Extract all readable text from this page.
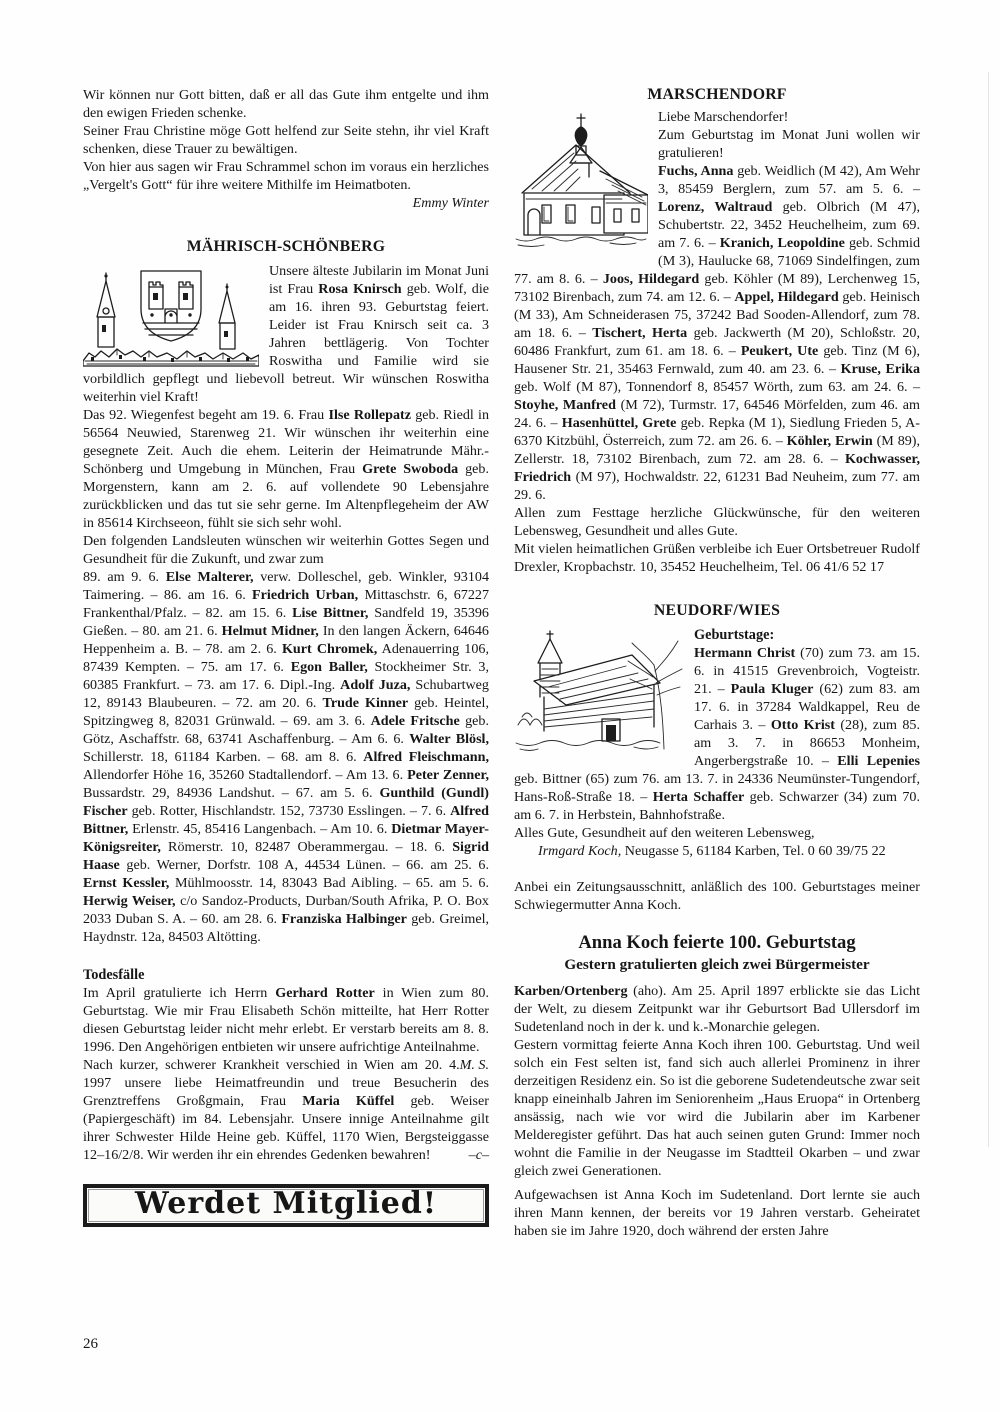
Wir können nur Gott bitten, daß er all das Gute ihm entgelte und ihm den ewigen Frieden schenke.

Seiner Frau Christine möge Gott helfend zur Seite stehn, ihr viel Kraft schenken, diese Trauer zu bewältigen.

Von hier aus sagen wir Frau Schrammel schon im voraus ein herzliches „Vergelt's Gott“ für ihre weitere Mithilfe im Heimatboten.

Emmy Winter

MÄHRISCH-SCHÖNBERG

Unsere älteste Jubilarin im Monat Juni ist Frau Rosa Knirsch geb. Wolf, die am 16. ihren 93. Geburtstag feiert. Leider ist Frau Knirsch seit ca. 3 Jahren bettlägerig. Von Tochter Roswitha und Familie wird sie vorbildlich gepflegt und liebevoll betreut. Wir wünschen Roswitha weiterhin viel Kraft!

Das 92. Wiegenfest begeht am 19. 6. Frau Ilse Rollepatz geb. Riedl in 56564 Neuwied, Starenweg 21. Wir wünschen ihr weiterhin eine gesegnete Zeit. Auch die ehem. Leiterin der Heimatrunde Mähr.-Schönberg und Umgebung in München, Frau Grete Swoboda geb. Morgenstern, kann am 2. 6. auf vollendete 90 Lebensjahre zurückblicken und das tut sie sehr gerne. Im Altenpflegeheim der AW in 85614 Kirchseeon, fühlt sie sich sehr wohl.

Den folgenden Landsleuten wünschen wir weiterhin Gottes Segen und Gesundheit für die Zukunft, und zwar zum

89. am 9. 6. Else Malterer, verw. Dolleschel, geb. Winkler, 93104 Taimering. – 86. am 16. 6. Friedrich Urban, Mittaschstr. 6, 67227 Frankenthal/Pfalz. – 82. am 15. 6. Lise Bittner, Sandfeld 19, 35396 Gießen. – 80. am 21. 6. Helmut Midner, In den langen Äckern, 64646 Heppenheim a. B. – 78. am 2. 6. Kurt Chromek, Adenauerring 106, 87439 Kempten. – 75. am 17. 6. Egon Baller, Stockheimer Str. 3, 60385 Frankfurt. – 73. am 17. 6. Dipl.-Ing. Adolf Juza, Schubartweg 12, 89143 Blaubeuren. – 72. am 20. 6. Trude Kinner geb. Heintel, Spitzingweg 8, 82031 Grünwald. – 69. am 3. 6. Adele Fritsche geb. Götz, Aschaffstr. 68, 63741 Aschaffenburg. – Am 6. 6. Walter Blösl, Schillerstr. 18, 61184 Karben. – 68. am 8. 6. Alfred Fleischmann, Allendorfer Höhe 16, 35260 Stadtallendorf. – Am 13. 6. Peter Zenner, Bussardstr. 29, 84936 Landshut. – 67. am 5. 6. Gunthild (Gundl) Fischer geb. Rotter, Hischlandstr. 152, 73730 Esslingen. – 7. 6. Alfred Bittner, Erlenstr. 45, 85416 Langenbach. – Am 10. 6. Dietmar Mayer-Königsreiter, Römerstr. 10, 82487 Oberammergau. – 18. 6. Sigrid Haase geb. Werner, Dorfstr. 108 A, 44534 Lünen. – 66. am 25. 6. Ernst Kessler, Mühlmoosstr. 14, 83043 Bad Aibling. – 65. am 5. 6. Herwig Weiser, c/o Sandoz-Products, Durban/South Afrika, P. O. Box 2033 Duban S. A. – 60. am 28. 6. Franziska Halbinger geb. Greimel, Haydnstr. 12a, 84503 Altötting.

Todesfälle

Im April gratulierte ich Herrn Gerhard Rotter in Wien zum 80. Geburtstag. Wie mir Frau Elisabeth Schön mitteilte, hat Herr Rotter diesen Geburtstag leider nicht mehr erlebt. Er verstarb bereits am 8. 8. 1996. Den Angehörigen entbieten wir unsere aufrichtige Anteilnahme.
M. S.

Nach kurzer, schwerer Krankheit verschied in Wien am 20. 4. 1997 unsere liebe Heimatfreundin und treue Besucherin des Grenztreffens Großgmain, Frau Maria Küffel geb. Weiser (Papiergeschäft) im 84. Lebensjahr. Unsere innige Anteilnahme gilt ihrer Schwester Hilde Heine geb. Küffel, 1170 Wien, Bergsteiggasse 12–16/2/8. Wir werden ihr ein ehrendes Gedenken bewahren!	–c–

Werdet Mitglied!
MARSCHENDORF

Liebe Marschendorfer!

Zum Geburtstag im Monat Juni wollen wir gratulieren!

Fuchs, Anna geb. Weidlich (M 42), Am Wehr 3, 85459 Berglern, zum 57. am 5. 6. – Lorenz, Waltraud geb. Olbrich (M 47), Schubertstr. 22, 3452 Heuchelheim, zum 69. am 7. 6. – Kranich, Leopoldine geb. Schmid (M 3), Haulucke 68, 71069 Sindelfingen, zum 77. am 8. 6. – Joos, Hildegard geb. Köhler (M 89), Lerchenweg 15, 73102 Birenbach, zum 74. am 12. 6. – Appel, Hildegard geb. Heinisch (M 33), Am Schneiderasen 75, 37242 Bad Sooden-Allendorf, zum 78. am 18. 6. – Tischert, Herta geb. Jackwerth (M 20), Schloßstr. 20, 60486 Frankfurt, zum 61. am 18. 6. – Peukert, Ute geb. Tinz (M 6), Hausener Str. 21, 35463 Fernwald, zum 40. am 23. 6. – Kruse, Erika geb. Wolf (M 87), Tonnendorf 8, 85457 Wörth, zum 63. am 24. 6. – Stoyhe, Manfred (M 72), Turmstr. 17, 64546 Mörfelden, zum 46. am 24. 6. – Hasenhüttel, Grete geb. Repka (M 1), Siedlung Frieden 5, A-6370 Kitzbühl, Österreich, zum 72. am 26. 6. – Köhler, Erwin (M 89), Zellerstr. 18, 73102 Birenbach, zum 72. am 28. 6. – Kochwasser, Friedrich (M 97), Hochwaldstr. 22, 61231 Bad Neuheim, zum 77. am 29. 6.

Allen zum Festtage herzliche Glückwünsche, für den weiteren Lebensweg, Gesundheit und alles Gute.

Mit vielen heimatlichen Grüßen verbleibe ich Euer Ortsbetreuer Rudolf Drexler, Kropbachstr. 10, 35452 Heuchelheim, Tel. 06 41/6 52 17

NEUDORF/WIES

Geburtstage:

Hermann Christ (70) zum 73. am 15. 6. in 41515 Grevenbroich, Vogteistr. 21. – Paula Kluger (62) zum 83. am 17. 6. in 37284 Waldkappel, Reu de Carhais 3. – Otto Krist (28), zum 85. am 3. 7. in 86653 Monheim, Angerbergstraße 10. – Elli Lepenies geb. Bittner (65) zum 76. am 13. 7. in 24336 Neumünster-Tungendorf, Hans-Roß-Straße 18. – Herta Schaffer geb. Schwarzer (34) zum 70. am 6. 7. in Herbstein, Bahnhofstraße.

Alles Gute, Gesundheit auf den weiteren Lebensweg,

Irmgard Koch, Neugasse 5, 61184 Karben, Tel. 0 60 39/75 22

Anbei ein Zeitungsausschnitt, anläßlich des 100. Geburtstages meiner Schwiegermutter Anna Koch.

Anna Koch feierte 100. Geburtstag
Gestern gratulierten gleich zwei Bürgermeister

Karben/Ortenberg (aho). Am 25. April 1897 erblickte sie das Licht der Welt, zu diesem Zeitpunkt war ihr Geburtsort Bad Ullersdorf im Sudetenland noch in der k. und k.-Monarchie gelegen.

Gestern vormittag feierte Anna Koch ihren 100. Geburtstag. Und weil solch ein Fest selten ist, fand sich auch allerlei Prominenz in ihrer derzeitigen Residenz ein. So ist die geborene Sudetendeutsche zwar seit knapp eineinhalb Jahren im Seniorenheim „Haus Eruopa“ in Ortenberg ansässig, nach wie vor wird die Jubilarin aber im Karbener Melderegister geführt. Das hat auch seinen guten Grund: Immer noch wohnt die Familie in der Neugasse im Stadtteil Okarben – und zwar gleich zwei Generationen.

Aufgewachsen ist Anna Koch im Sudetenland. Dort lernte sie auch ihren Mann kennen, der bereits vor 19 Jahren verstarb. Geheiratet haben sie im Jahre 1920, doch während der ersten Jahre

26
